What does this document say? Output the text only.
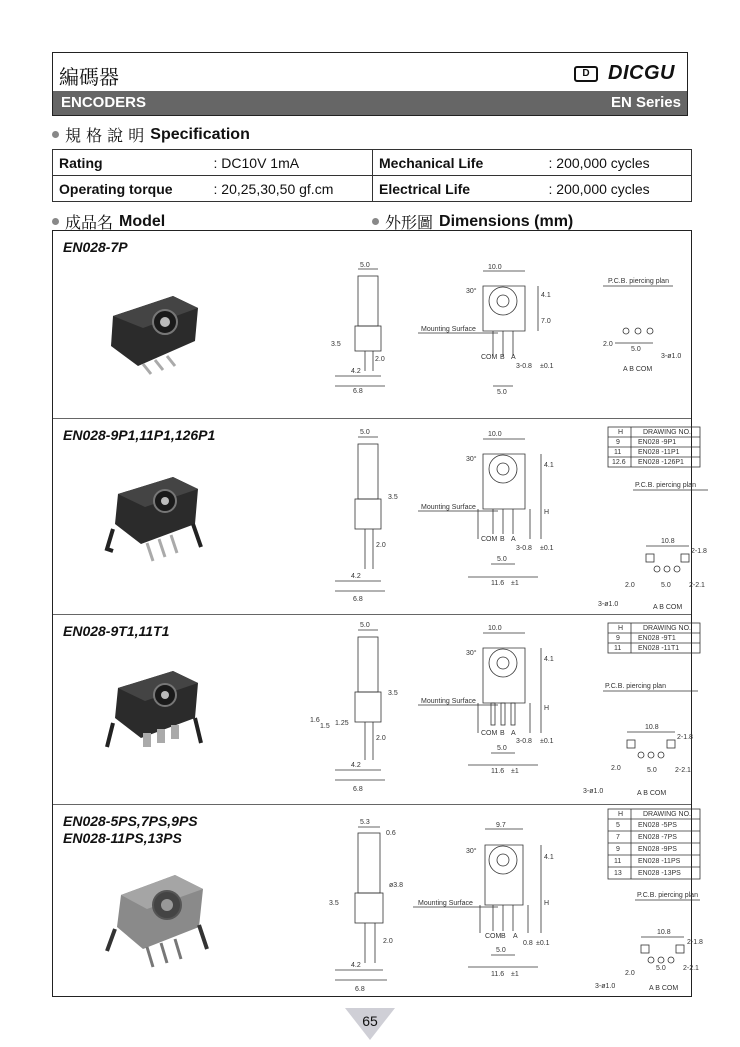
編碼器	D DICGU
ENCODERS	EN Series
規 格 說 明 Specification
Rating	: DC10V 1mA	Mechanical Life	: 200,000 cycles
Operating torque	: 20,25,30,50 gf.cm	Electrical Life	: 200,000 cycles
成品名 Model	外形圖 Dimensions (mm)
EN028-7P
5.0	10.0
3.5
2.0
4.2
6.8
30°
4.1
7.0
Mounting Surface
COM B A
3-0.8 ±0.1
5.0
P.C.B. piercing plan
5.0
3-ø1.0
2.0
A B COM
EN028-9P1,11P1,126P1	5.0	10.0
3.5
2.0
4.2
6.8
30°
4.1
H
Mounting Surface
COM B A
3-0.8 ±0.1
5.0
11.6 ±1
H	DRAWING NO.
9	EN028 -9P1
11 EN028 -11P1
12.6 EN028 -126P1
P.C.B. piercing plan
10.8
2-1.8
5.0
2.0	2-2.1
3-ø1.0	A B COM
EN028-9T1,11T1	5.0	10.0
3.5
1.6
1.5 1.25
2.0
4.2
6.8
30°
4.1
H
Mounting Surface
COM B A
3-0.8 ±0.1
5.0
11.6 ±1
H	DRAWING NO.
9	EN028 -9T1
11 EN028 -11T1
P.C.B. piercing plan
10.8
2-1.8
5.0
2.0	2-2.1
3-ø1.0	A B COM
EN028-5PS,7PS,9PS
EN028-11PS,13PS
5.3
0.6
ø3.8
3.5
2.0
4.2
6.8
9.7
30°
4.1
H
Mounting Surface
COM B A
0.8 ±0.1
5.0
11.6 ±1
H	DRAWING NO.
5	EN028 -5PS
7	EN028 -7PS
9	EN028 -9PS
11 EN028 -11PS
13 EN028 -13PS
P.C.B. piercing plan
10.8
2-1.8
5.0
2.0
2-2.1
3-ø1.0	A B COM
65
